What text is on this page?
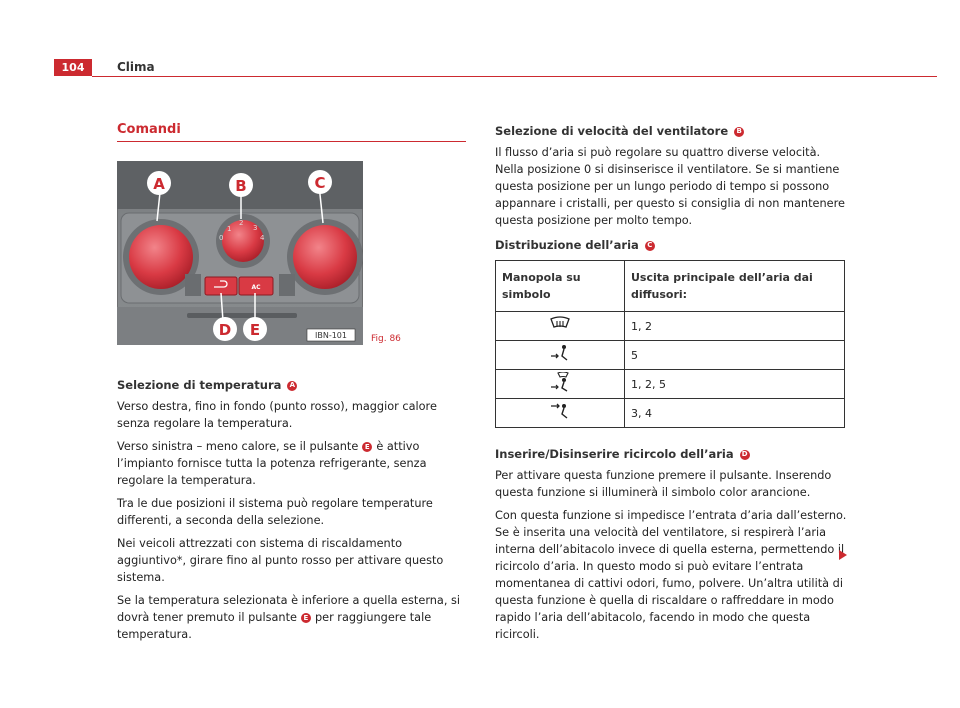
104	Clima
Comandi
0
1
2
3
4
AC
A	B	C
D E	IBN-101	Fig. 86
Selezione di temperatura	A

Verso destra, fino in fondo (punto rosso), maggior calore senza regolare la temperatura.

Verso sinistra – meno calore, se il pulsante E è attivo l’impianto fornisce tutta la potenza refrigerante, senza regolare la temperatura.

Tra le due posizioni il sistema può regolare temperature differenti, a seconda della selezione.

Nei veicoli attrezzati con sistema di riscaldamento aggiuntivo*, girare fino al punto rosso per attivare questo sistema.

Se la temperatura selezionata è inferiore a quella esterna, si dovrà tener premuto il pulsante E per raggiungere tale temperatura.

Selezione di velocità del ventilatore	B

Il flusso d’aria si può regolare su quattro diverse velocità. Nella posizione 0 si disinserisce il ventilatore. Se si mantiene questa posizione per un lungo periodo di tempo si possono appannare i cristalli, per questo si consiglia di non mantenere questa posizione per molto tempo.

Distribuzione dell’aria	C
Manopola su simbolo	Uscita principale dell’aria dai diffusori:
	1, 2
	5
	1, 2, 5
	3, 4
Inserire/Disinserire ricircolo dell’aria D

Per attivare questa funzione premere il pulsante. Inserendo questa funzione si illuminerà il simbolo color arancione.

Con questa funzione si impedisce l’entrata d’aria dall’esterno. Se è inserita una velocità del ventilatore, si respirerà l’aria interna dell’abitacolo invece di quella esterna, permettendo il ricircolo d’aria. In questo modo si può evitare l’entrata momentanea di cattivi odori, fumo, polvere. Un’altra utilità di questa funzione è quella di riscaldare o raffreddare in modo rapido l’aria dell’abitacolo, facendo in modo che questa ricircoli.
